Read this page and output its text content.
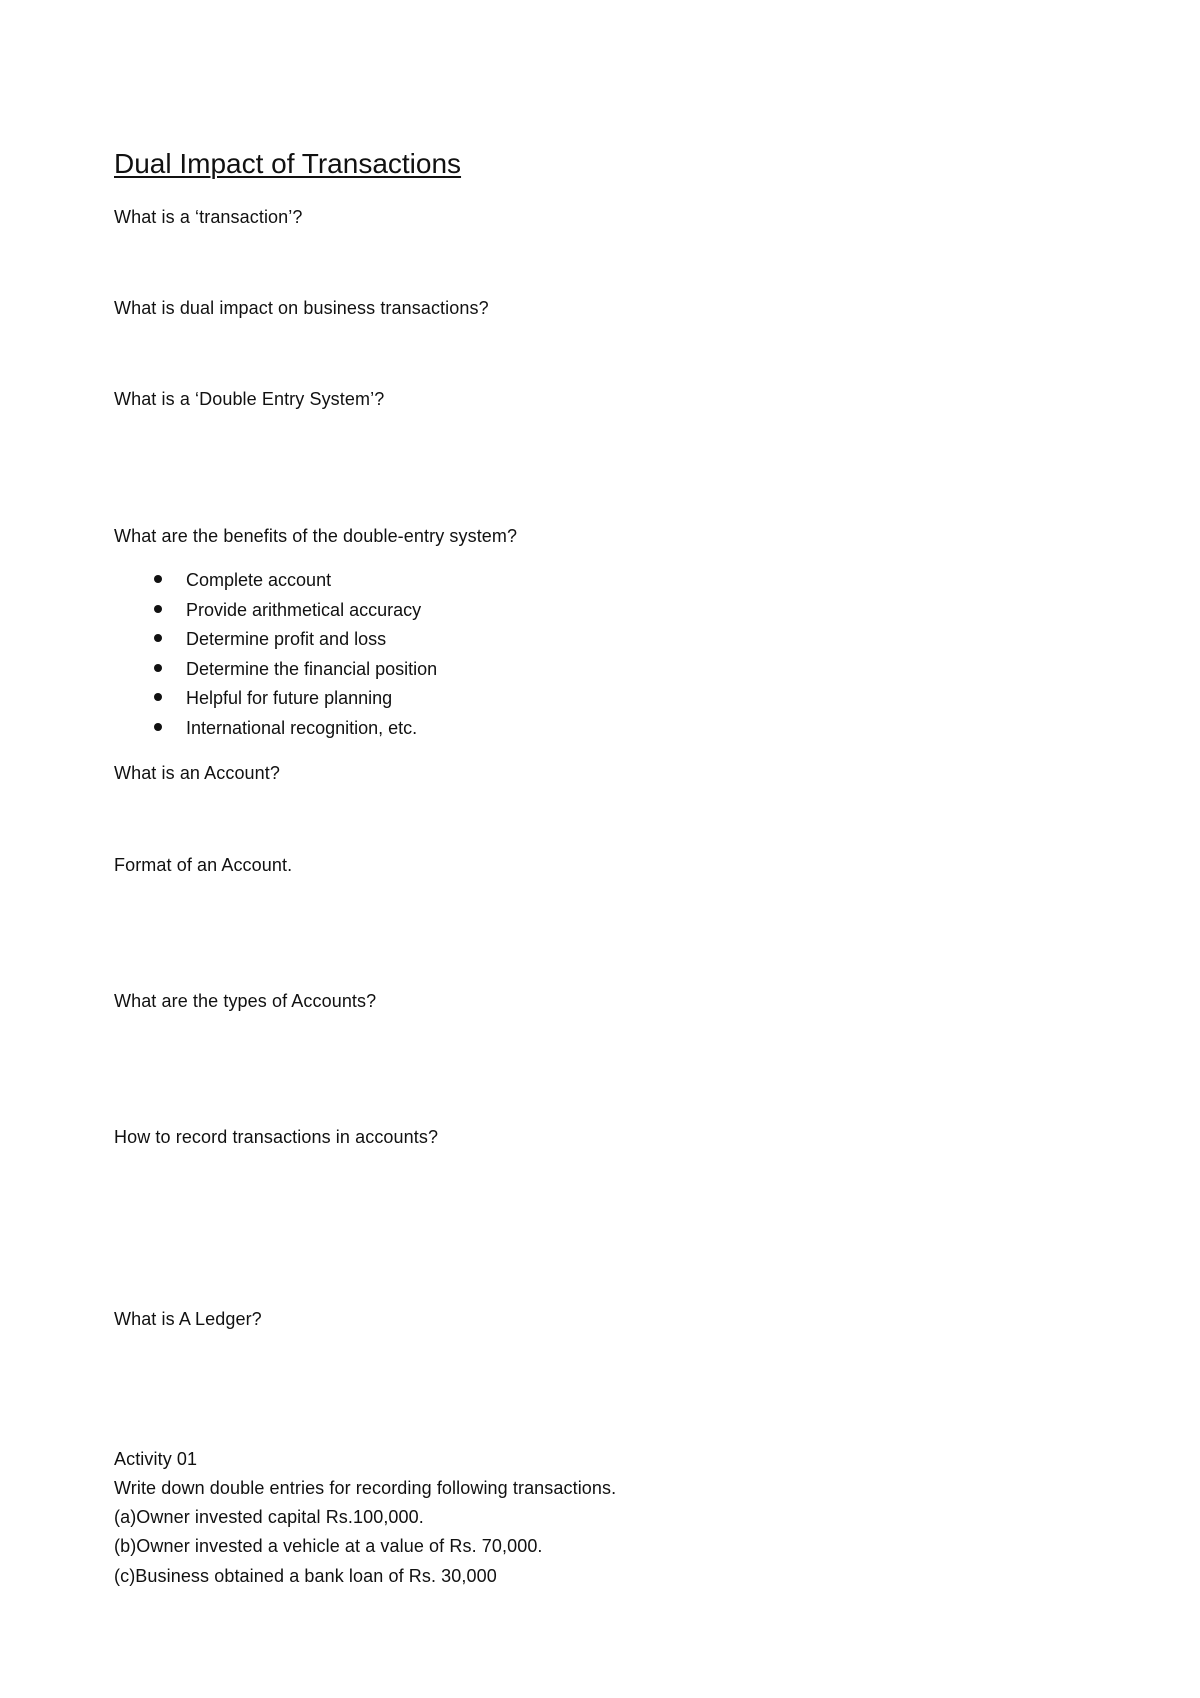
Dual Impact of Transactions
What is a ‘transaction’?
What is dual impact on business transactions?
What is a ‘Double Entry System’?
What are the benefits of the double-entry system?
Complete account
Provide arithmetical accuracy
Determine profit and loss
Determine the financial position
Helpful for future planning
International recognition, etc.
What is an Account?
Format of an Account.
What are the types of Accounts?
How to record transactions in accounts?
What is A Ledger?
Activity 01
Write down double entries for recording following transactions.
(a)Owner invested capital Rs.100,000.
(b)Owner invested a vehicle at a value of Rs. 70,000.
(c)Business obtained a bank loan of Rs. 30,000
